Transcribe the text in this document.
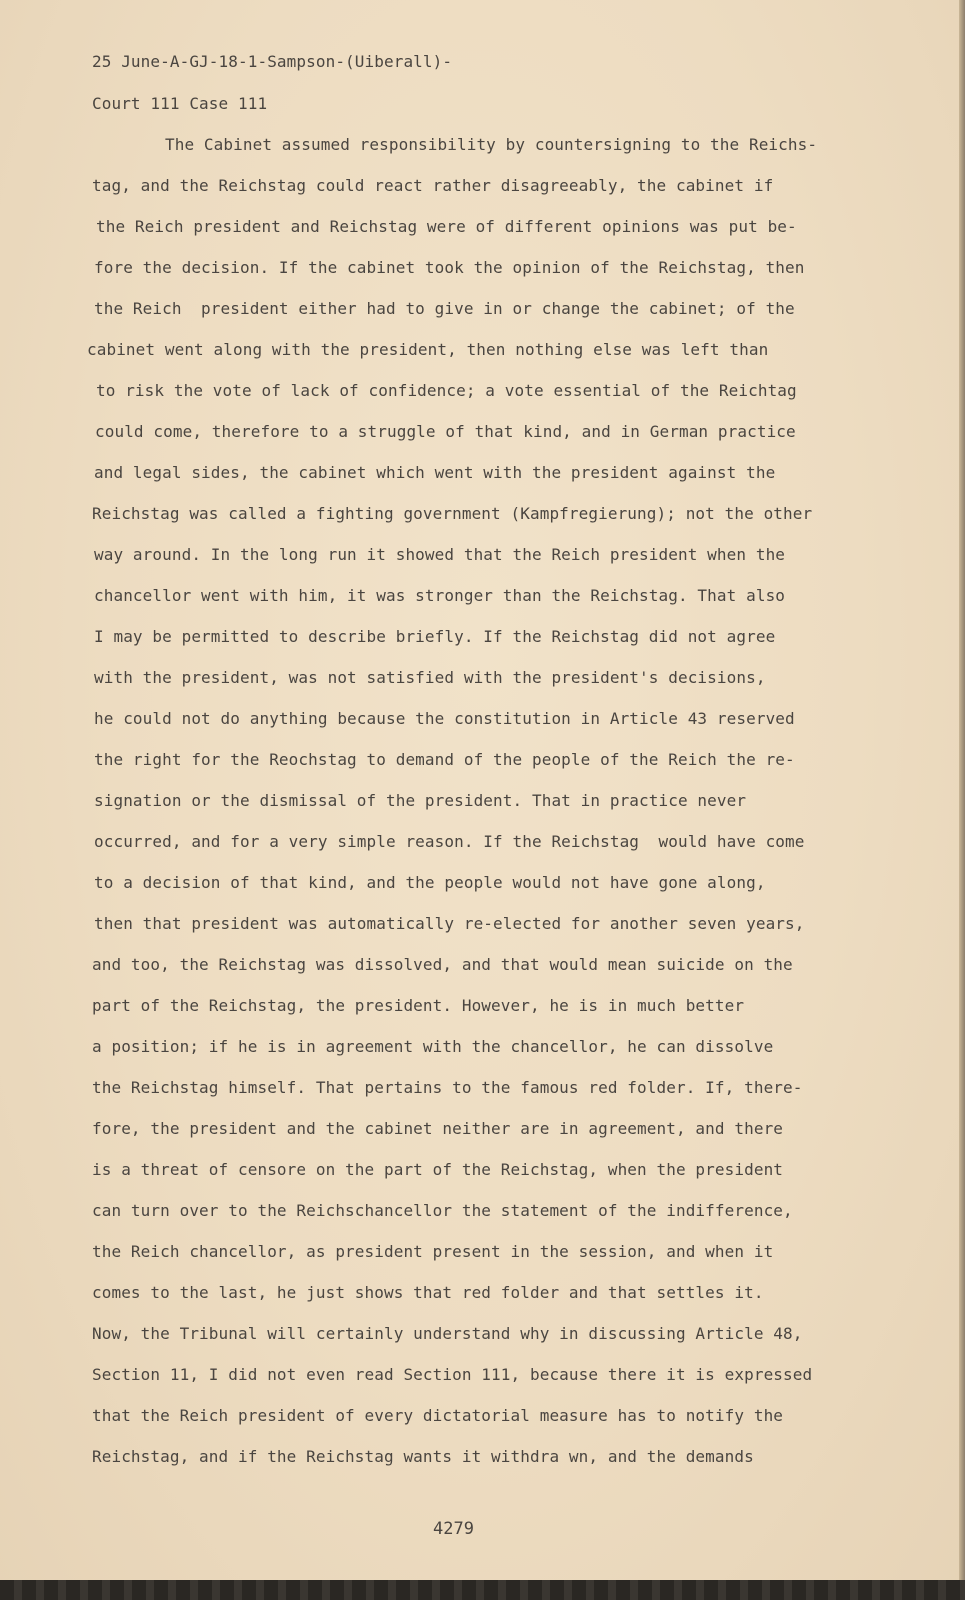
25 June-A-GJ-18-1-Sampson-(Uiberall)-
Court 111 Case 111
The Cabinet assumed responsibility by countersigning to the Reichs-
tag, and the Reichstag could react rather disagreeably, the cabinet if
the Reich president and Reichstag were of different opinions was put be-
fore the decision. If the cabinet took the opinion of the Reichstag, then
the Reich  president either had to give in or change the cabinet; of the
cabinet went along with the president, then nothing else was left than
to risk the vote of lack of confidence; a vote essential of the Reichtag
could come, therefore to a struggle of that kind, and in German practice
and legal sides, the cabinet which went with the president against the
Reichstag was called a fighting government (Kampfregierung); not the other
way around. In the long run it showed that the Reich president when the
chancellor went with him, it was stronger than the Reichstag. That also
I may be permitted to describe briefly. If the Reichstag did not agree
with the president, was not satisfied with the president's decisions,
he could not do anything because the constitution in Article 43 reserved
the right for the Reochstag to demand of the people of the Reich the re-
signation or the dismissal of the president. That in practice never
occurred, and for a very simple reason. If the Reichstag  would have come
to a decision of that kind, and the people would not have gone along,
then that president was automatically re-elected for another seven years,
and too, the Reichstag was dissolved, and that would mean suicide on the
part of the Reichstag, the president. However, he is in much better
a position; if he is in agreement with the chancellor, he can dissolve
the Reichstag himself. That pertains to the famous red folder. If, there-
fore, the president and the cabinet neither are in agreement, and there
is a threat of censore on the part of the Reichstag, when the president
can turn over to the Reichschancellor the statement of the indifference,
the Reich chancellor, as president present in the session, and when it
comes to the last, he just shows that red folder and that settles it.
Now, the Tribunal will certainly understand why in discussing Article 48,
Section 11, I did not even read Section 111, because there it is expressed
that the Reich president of every dictatorial measure has to notify the
Reichstag, and if the Reichstag wants it withdra wn, and the demands
4279
